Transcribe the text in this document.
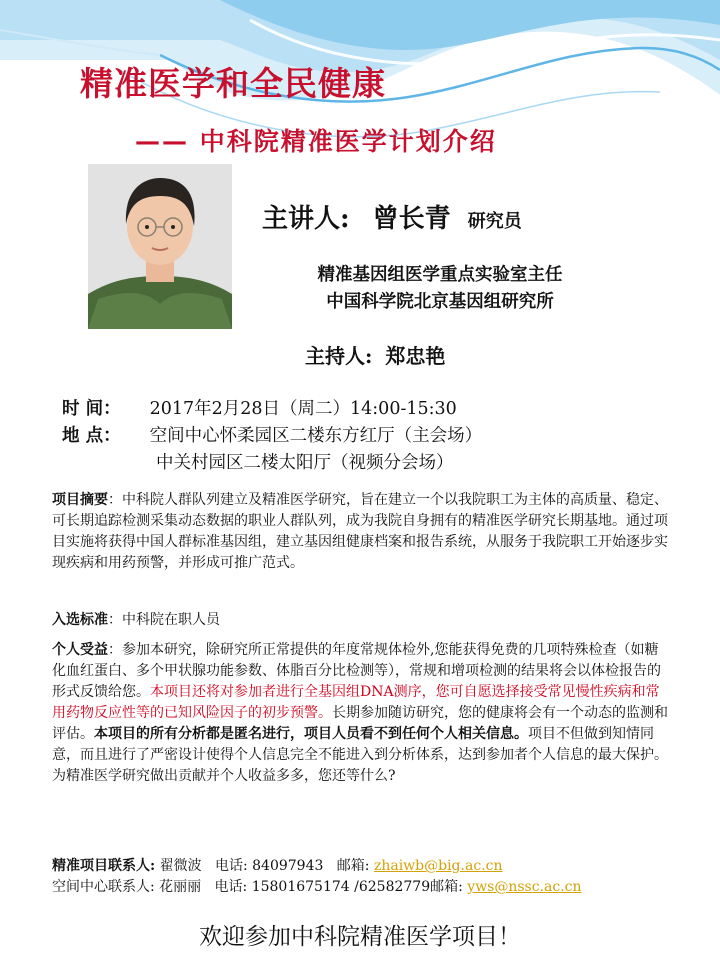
精准医学和全民健康
—— 中科院精准医学计划介绍
主讲人: 曾长青 研究员
精准基因组医学重点实验室主任
中国科学院北京基因组研究所
主持人: 郑忠艳
时 间： 2017年2月28日（周二）14:00-15:30
地 点： 空间中心怀柔园区二楼东方红厅（主会场）
中关村园区二楼太阳厅（视频分会场）

项目摘要：中科院人群队列建立及精准医学研究，旨在建立一个以我院职工为主体的高质量、稳定、可长期追踪检测采集动态数据的职业人群队列，成为我院自身拥有的精准医学研究长期基地。通过项目实施将获得中国人群标准基因组，建立基因组健康档案和报告系统，从服务于我院职工开始逐步实现疾病和用药预警，并形成可推广范式。

入选标准：中科院在职人员

个人受益：参加本研究，除研究所正常提供的年度常规体检外,您能获得免费的几项特殊检查（如糖化血红蛋白、多个甲状腺功能参数、体脂百分比检测等），常规和增项检测的结果将会以体检报告的形式反馈给您。本项目还将对参加者进行全基因组DNA测序，您可自愿选择接受常见慢性疾病和常用药物反应性等的已知风险因子的初步预警。长期参加随访研究，您的健康将会有一个动态的监测和评估。本项目的所有分析都是匿名进行，项目人员看不到任何个人相关信息。项目不但做到知情同意，而且进行了严密设计使得个人信息完全不能进入到分析体系，达到参加者个人信息的最大保护。为精准医学研究做出贡献并个人收益多多，您还等什么?

精准项目联系人: 翟微波 电话: 84097943 邮箱: zhaiwb@big.ac.cn
空间中心联系人: 花丽丽 电话: 15801675174 /62582779邮箱: yws@nssc.ac.cn
欢迎参加中科院精准医学项目！
